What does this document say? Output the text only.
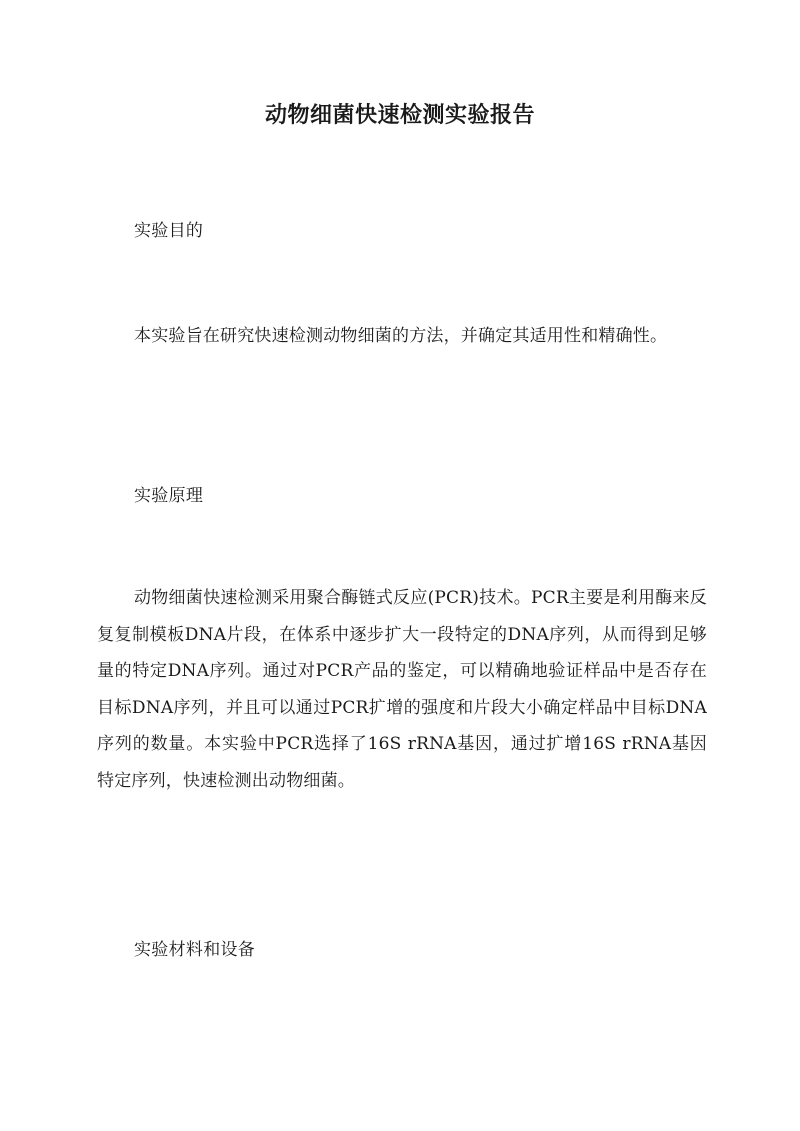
动物细菌快速检测实验报告
实验目的
本实验旨在研究快速检测动物细菌的方法，并确定其适用性和精确性。
实验原理
动物细菌快速检测采用聚合酶链式反应(PCR)技术。PCR主要是利用酶来反复复制模板DNA片段，在体系中逐步扩大一段特定的DNA序列，从而得到足够量的特定DNA序列。通过对PCR产品的鉴定，可以精确地验证样品中是否存在目标DNA序列，并且可以通过PCR扩增的强度和片段大小确定样品中目标DNA序列的数量。本实验中PCR选择了16S rRNA基因，通过扩增16S rRNA基因特定序列，快速检测出动物细菌。
实验材料和设备
